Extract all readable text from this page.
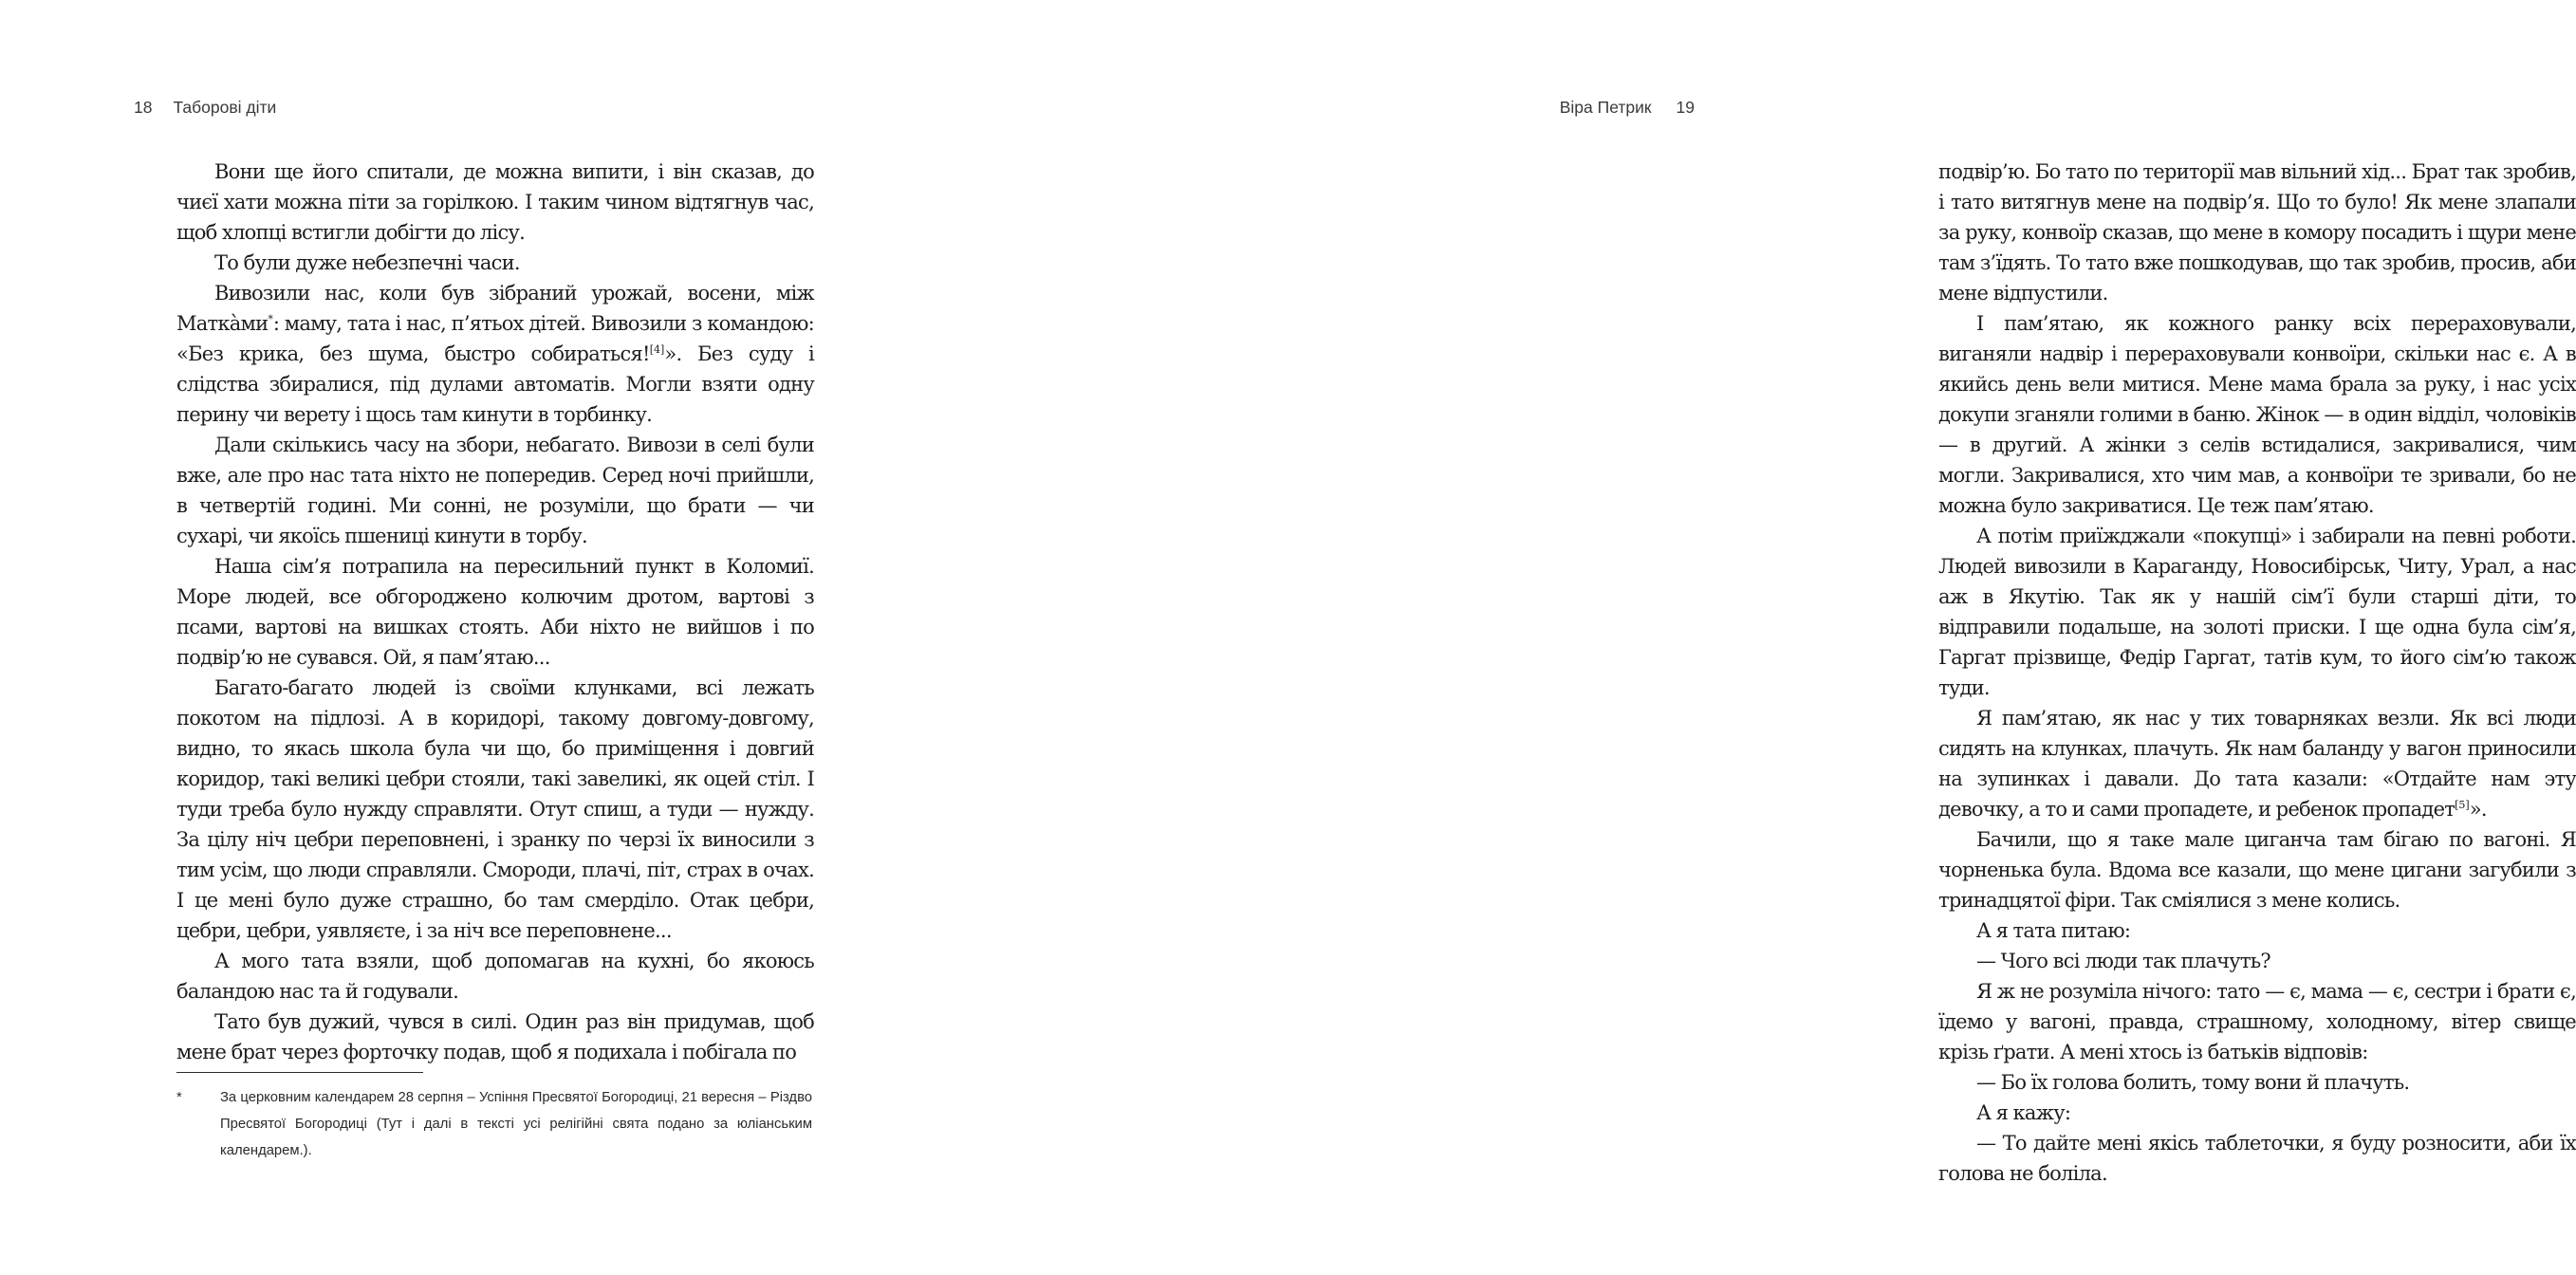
18 Таборові діти

Вони ще його спитали, де можна випити, і він сказав, до чиєї хати можна піти за горілкою. І таким чином відтягнув час, щоб хлопці встигли добігти до лісу.

То були дуже небезпечні часи.

Вивозили нас, коли був зібраний урожай, восени, між Маткàми*: маму, тата і нас, п’ятьох дітей. Вивозили з командою: «Без крика, без шума, быстро собираться![4]». Без суду і слідства збиралися, під дулами автоматів. Могли взяти одну перину чи верету і щось там кинути в торбинку.

Дали скількись часу на збори, небагато. Вивози в селі були вже, але про нас тата ніхто не попередив. Серед ночі прийшли, в четвертій годині. Ми сонні, не розуміли, що брати — чи сухарі, чи якоїсь пшениці кинути в торбу.

Наша сім’я потрапила на пересильний пункт в Коломиї. Море людей, все обгороджено колючим дротом, вартові з псами, вартові на вишках стоять. Аби ніхто не вийшов і по подвір’ю не сувався. Ой, я пам’ятаю...

Багато-багато людей із своїми клунками, всі лежать покотом на підлозі. А в коридорі, такому довгому-довгому, видно, то якась школа була чи що, бо приміщення і довгий коридор, такі великі цебри стояли, такі завеликі, як оцей стіл. І туди треба було нужду справляти. Отут спиш, а туди — нужду. За цілу ніч цебри переповнені, і зранку по черзі їх виносили з тим усім, що люди справляли. Смороди, плачі, піт, страх в очах. І це мені було дуже страшно, бо там смерділо. Отак цебри, цебри, цебри, уявляєте, і за ніч все переповнене...

А мого тата взяли, щоб допомагав на кухні, бо якоюсь баландою нас та й годували.

Тато був дужий, чувся в силі. Один раз він придумав, щоб мене брат через форточку подав, щоб я подихала і побігала по

*	За церковним календарем 28 серпня – Успіння Пресвятої Богородиці, 21 вересня – Різдво Пресвятої Богородиці (Тут і далі в тексті усі релігійні свята подано за юліанським календарем.).
Віра Петрик 19

подвір’ю. Бо тато по території мав вільний хід... Брат так зробив, і тато витягнув мене на подвір’я. Що то було! Як мене злапали за руку, конвоїр сказав, що мене в комору посадить і щури мене там з’їдять. То тато вже пошкодував, що так зробив, просив, аби мене відпустили.

І пам’ятаю, як кожного ранку всіх перераховували, виганяли надвір і перераховували конвоїри, скільки нас є. А в якийсь день вели митися. Мене мама брала за руку, і нас усіх докупи зганяли голими в баню. Жінок — в один відділ, чоловіків — в другий. А жінки з селів встидалися, закривалися, чим могли. Закривалися, хто чим мав, а конвоїри те зривали, бо не можна було закриватися. Це теж пам’ятаю.

А потім приїжджали «покупці» і забирали на певні роботи. Людей вивозили в Караганду, Новосибірськ, Читу, Урал, а нас аж в Якутію. Так як у нашій сім’ї були старші діти, то відправили подальше, на золоті приски. І ще одна була сім’я, Гаргат прізвище, Федір Гаргат, татів кум, то його сім’ю також туди.

Я пам’ятаю, як нас у тих товарняках везли. Як всі люди сидять на клунках, плачуть. Як нам баланду у вагон приносили на зупинках і давали. До тата казали: «Отдайте нам эту девочку, а то и сами пропадете, и ребенок пропадет[5]».

Бачили, що я таке мале циганча там бігаю по вагоні. Я чорненька була. Вдома все казали, що мене цигани загубили з тринадцятої фіри. Так сміялися з мене колись.

А я тата питаю:

— Чого всі люди так плачуть?

Я ж не розуміла нічого: тато — є, мама — є, сестри і брати є, їдемо у вагоні, правда, страшному, холодному, вітер свище крізь ґрати. А мені хтось із батьків відповів:

— Бо їх голова болить, тому вони й плачуть.

А я кажу:

— То дайте мені якісь таблеточки, я буду розносити, аби їх голова не боліла.
